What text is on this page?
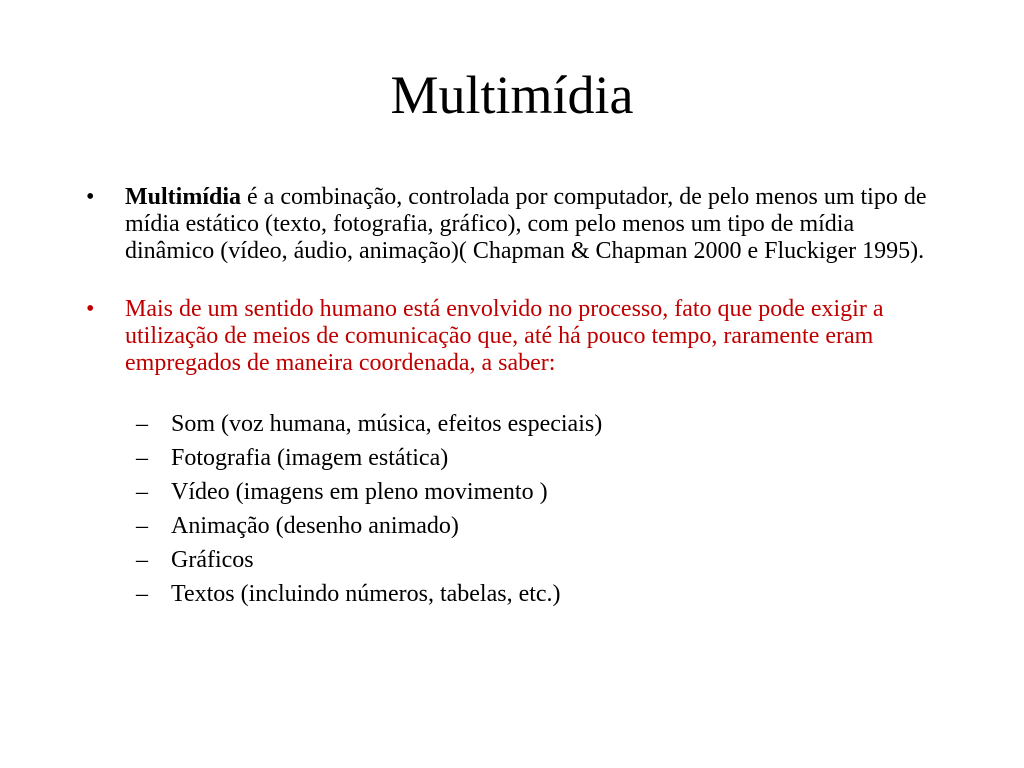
Multimídia

• Multimídia é a combinação, controlada por computador, de pelo menos um tipo de mídia estático (texto, fotografia, gráfico), com pelo menos um tipo de mídia dinâmico (vídeo, áudio, animação)( Chapman & Chapman 2000 e Fluckiger 1995).

• Mais de um sentido humano está envolvido no processo, fato que pode exigir a utilização de meios de comunicação que, até há pouco tempo, raramente eram empregados de maneira coordenada, a saber:

– Som (voz humana, música, efeitos especiais)
– Fotografia (imagem estática)
– Vídeo (imagens em pleno movimento )
– Animação (desenho animado)
– Gráficos
– Textos (incluindo números, tabelas, etc.)
